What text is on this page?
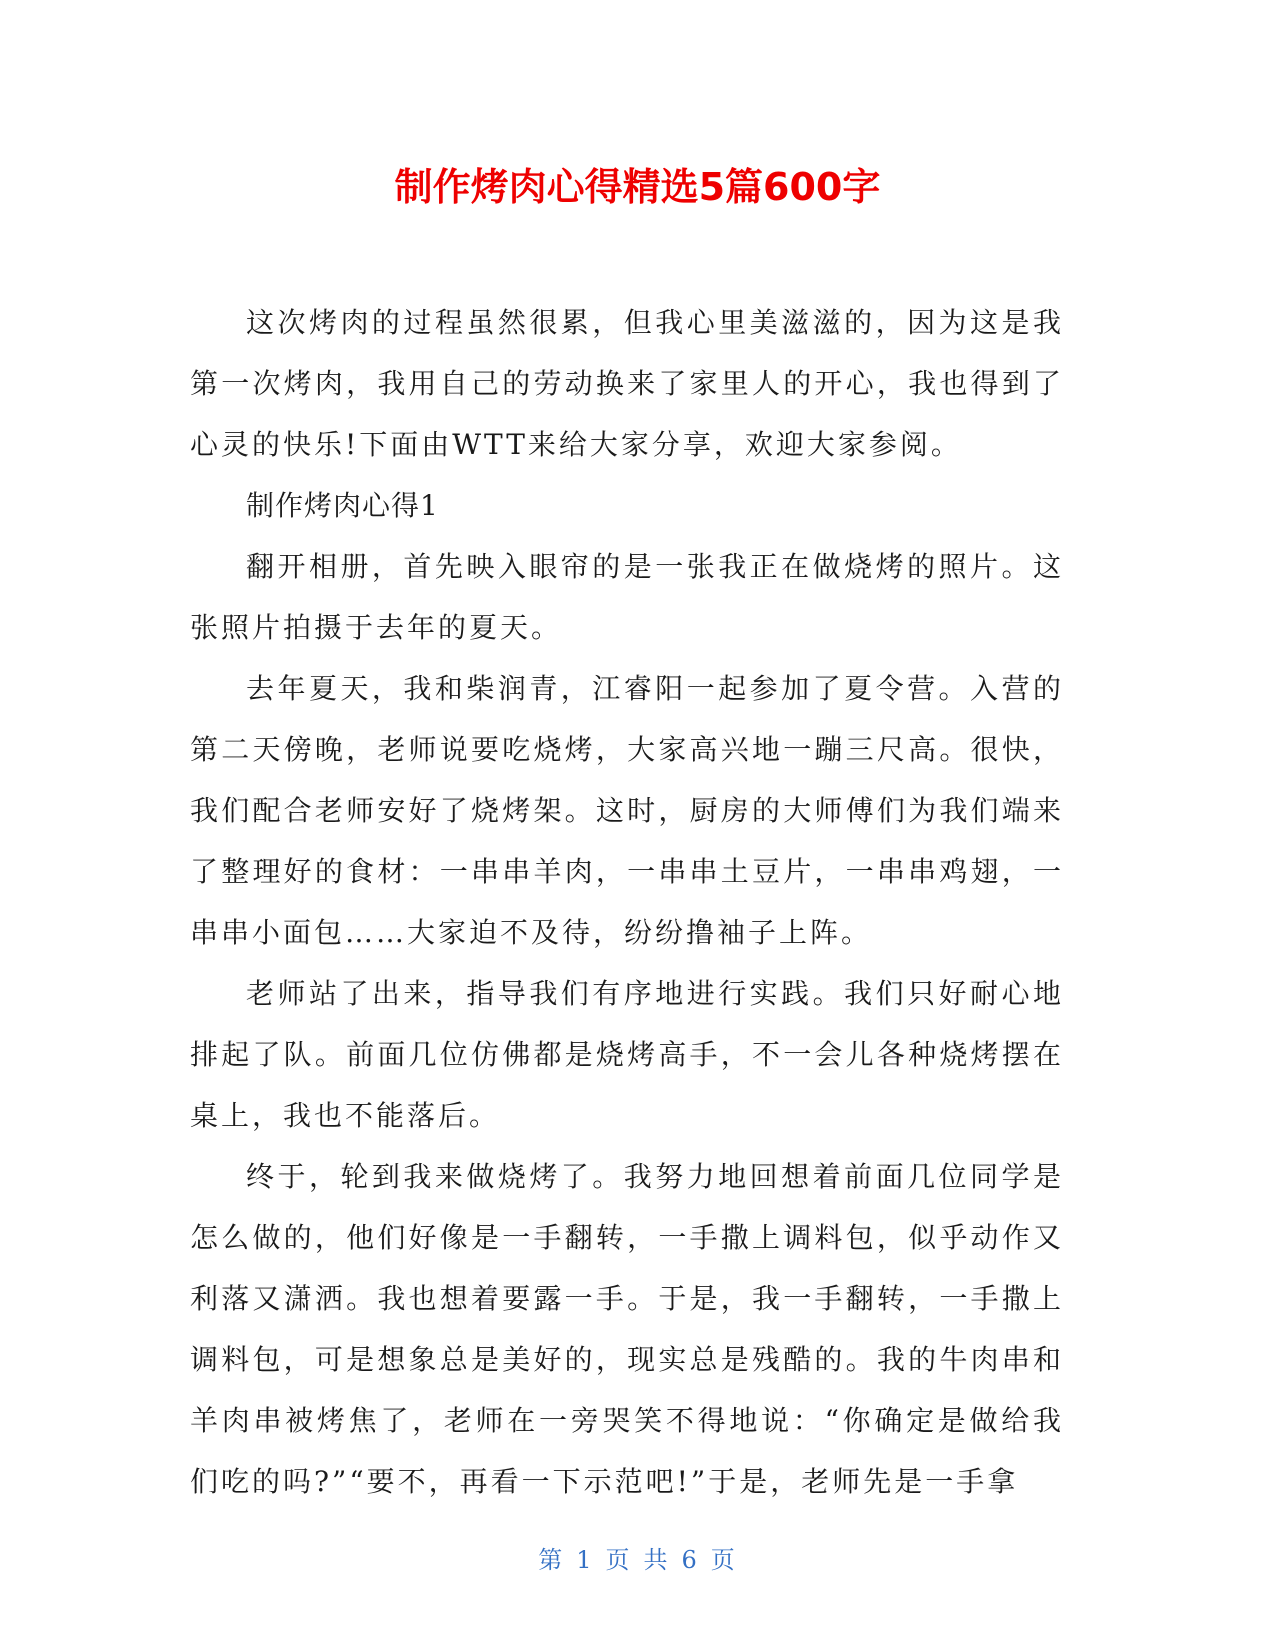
制作烤肉心得精选5篇600字

这次烤肉的过程虽然很累，但我心里美滋滋的，因为这是我第一次烤肉，我用自己的劳动换来了家里人的开心，我也得到了心灵的快乐!下面由WTT来给大家分享，欢迎大家参阅。

制作烤肉心得1

翻开相册，首先映入眼帘的是一张我正在做烧烤的照片。这张照片拍摄于去年的夏天。

去年夏天，我和柴润青，江睿阳一起参加了夏令营。入营的第二天傍晚，老师说要吃烧烤，大家高兴地一蹦三尺高。很快，我们配合老师安好了烧烤架。这时，厨房的大师傅们为我们端来了整理好的食材：一串串羊肉，一串串土豆片，一串串鸡翅，一串串小面包……大家迫不及待，纷纷撸袖子上阵。

老师站了出来，指导我们有序地进行实践。我们只好耐心地排起了队。前面几位仿佛都是烧烤高手，不一会儿各种烧烤摆在桌上，我也不能落后。

终于，轮到我来做烧烤了。我努力地回想着前面几位同学是怎么做的，他们好像是一手翻转，一手撒上调料包，似乎动作又利落又潇洒。我也想着要露一手。于是，我一手翻转，一手撒上调料包，可是想象总是美好的，现实总是残酷的。我的牛肉串和羊肉串被烤焦了，老师在一旁哭笑不得地说：“你确定是做给我们吃的吗?”“要不，再看一下示范吧!”于是，老师先是一手拿

第 1 页 共 6 页
